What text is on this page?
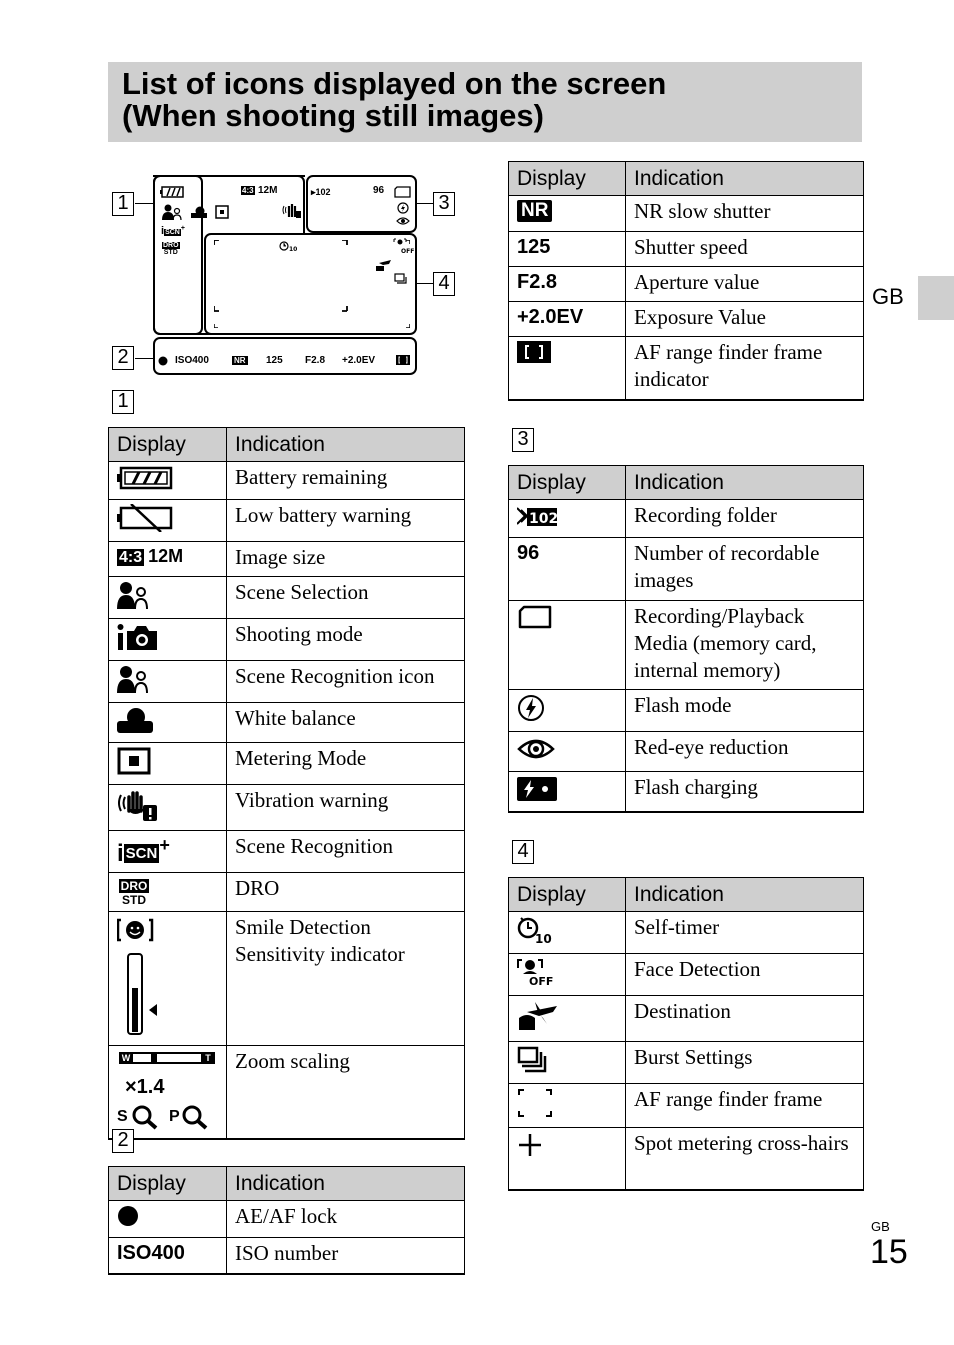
List of icons displayed on the screen
(When shooting still images)
GB
1
2
3
4
4:3 12M
iSCN+
DRO
STD
▸102	96
10	OFF
ISO400	NR 125 F2.8 +2.0EV
1
Display	Indication
	Battery remaining
	Low battery warning
4:3 12M	Image size
	Scene Selection
	Shooting mode
	Scene Recognition icon
	White balance
	Metering Mode
	Vibration warning
i SCN +	Scene Recognition

DRO
STD	DRO
	Smile Detection Sensitivity indicator

W T
×1.4
S P	Zoom scaling
2
Display	Indication
	AE/AF lock
ISO400	ISO number
Display	Indication
NR	NR slow shutter
125	Shutter speed
F2.8	Aperture value
+2.0EV	Exposure Value
	AF range finder frame indicator
3
Display	Indication

102	Recording folder
96	Number of recordable images
	Recording/Playback Media (memory card, internal memory)
	Flash mode
	Red-eye reduction
	Flash charging
4
Display	Indication

10	Self-timer

OFF	Face Detection
	Destination
	Burst Settings
	AF range finder frame
	Spot metering cross-hairs
GB
15
